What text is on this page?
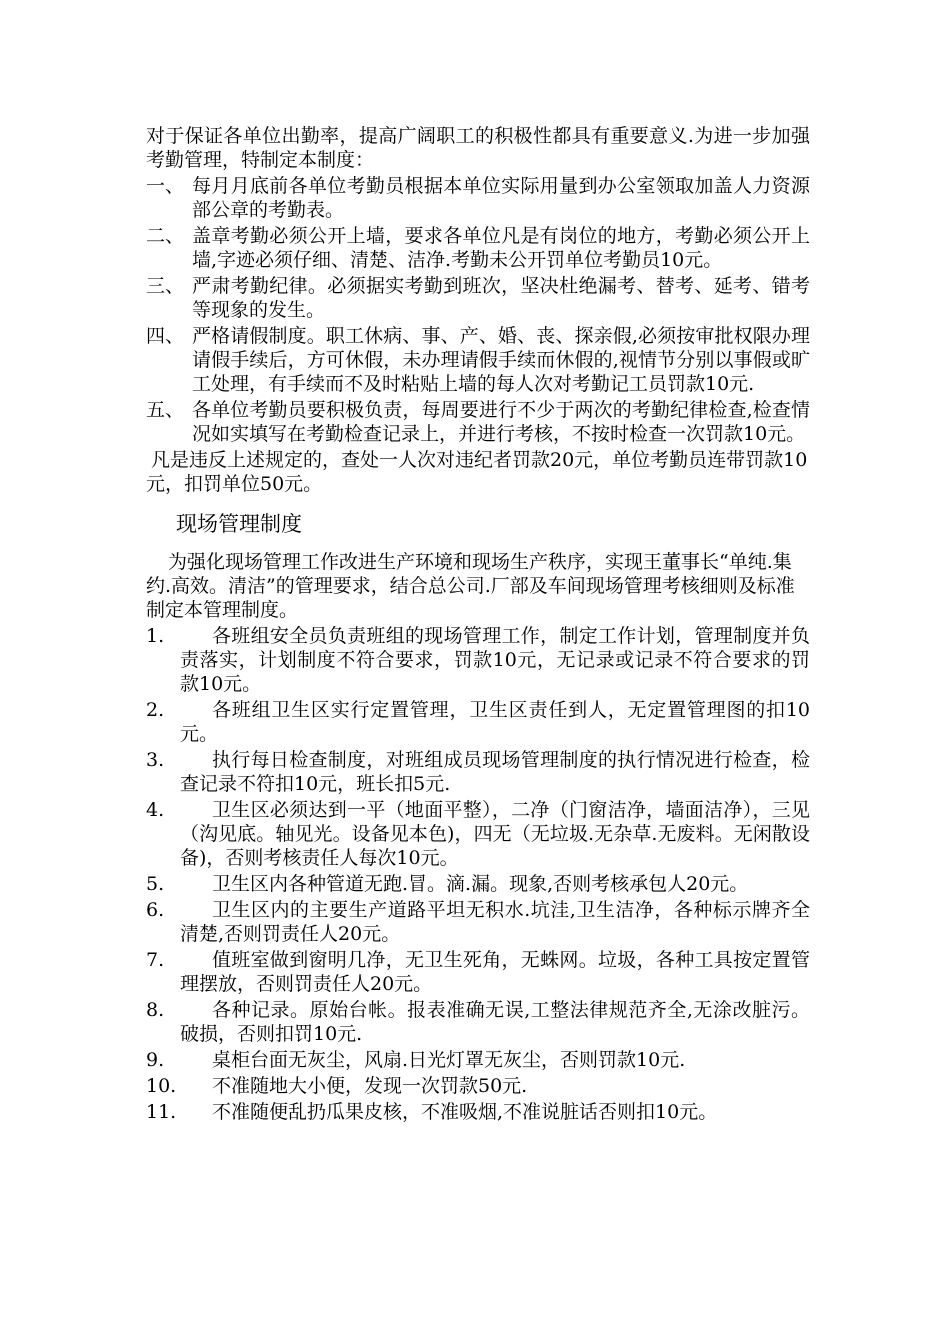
对于保证各单位出勤率，提高广阔职工的积极性都具有重要意义.为进一步加强考勤管理，特制定本制度：

一、 每月月底前各单位考勤员根据本单位实际用量到办公室领取加盖人力资源部公章的考勤表。
二、 盖章考勤必须公开上墙，要求各单位凡是有岗位的地方，考勤必须公开上墙,字迹必须仔细、清楚、洁净.考勤未公开罚单位考勤员10元。
三、 严肃考勤纪律。必须据实考勤到班次，坚决杜绝漏考、替考、延考、错考等现象的发生。
四、 严格请假制度。职工休病、事、产、婚、丧、探亲假,必须按审批权限办理请假手续后，方可休假，未办理请假手续而休假的,视情节分别以事假或旷工处理，有手续而不及时粘贴上墙的每人次对考勤记工员罚款10元.
五、 各单位考勤员要积极负责，每周要进行不少于两次的考勤纪律检查,检查情况如实填写在考勤检查记录上，并进行考核，不按时检查一次罚款10元。

凡是违反上述规定的，查处一人次对违纪者罚款20元，单位考勤员连带罚款10元，扣罚单位50元。

现场管理制度

为强化现场管理工作改进生产环境和现场生产秩序，实现王董事长“单纯.集约.高效。清洁”的管理要求，结合总公司.厂部及车间现场管理考核细则及标准制定本管理制度。

1.	各班组安全员负责班组的现场管理工作，制定工作计划，管理制度并负责落实，计划制度不符合要求，罚款10元，无记录或记录不符合要求的罚款10元。
2.	各班组卫生区实行定置管理，卫生区责任到人，无定置管理图的扣10元。
3.	执行每日检查制度，对班组成员现场管理制度的执行情况进行检查，检查记录不符扣10元，班长扣5元.
4.	卫生区必须达到一平（地面平整），二净（门窗洁净，墙面洁净），三见（沟见底。轴见光。设备见本色)，四无（无垃圾.无杂草.无废料。无闲散设备)，否则考核责任人每次10元。
5.	卫生区内各种管道无跑.冒。滴.漏。现象,否则考核承包人20元。
6.	卫生区内的主要生产道路平坦无积水.坑洼,卫生洁净，各种标示牌齐全清楚,否则罚责任人20元。
7.	值班室做到窗明几净，无卫生死角，无蛛网。垃圾，各种工具按定置管理摆放，否则罚责任人20元。
8.	各种记录。原始台帐。报表准确无误,工整法律规范齐全,无涂改脏污。破损，否则扣罚10元.
9.	桌柜台面无灰尘，风扇.日光灯罩无灰尘，否则罚款10元.
10.	不准随地大小便，发现一次罚款50元.
11.	不准随便乱扔瓜果皮核，不准吸烟,不准说脏话否则扣10元。
